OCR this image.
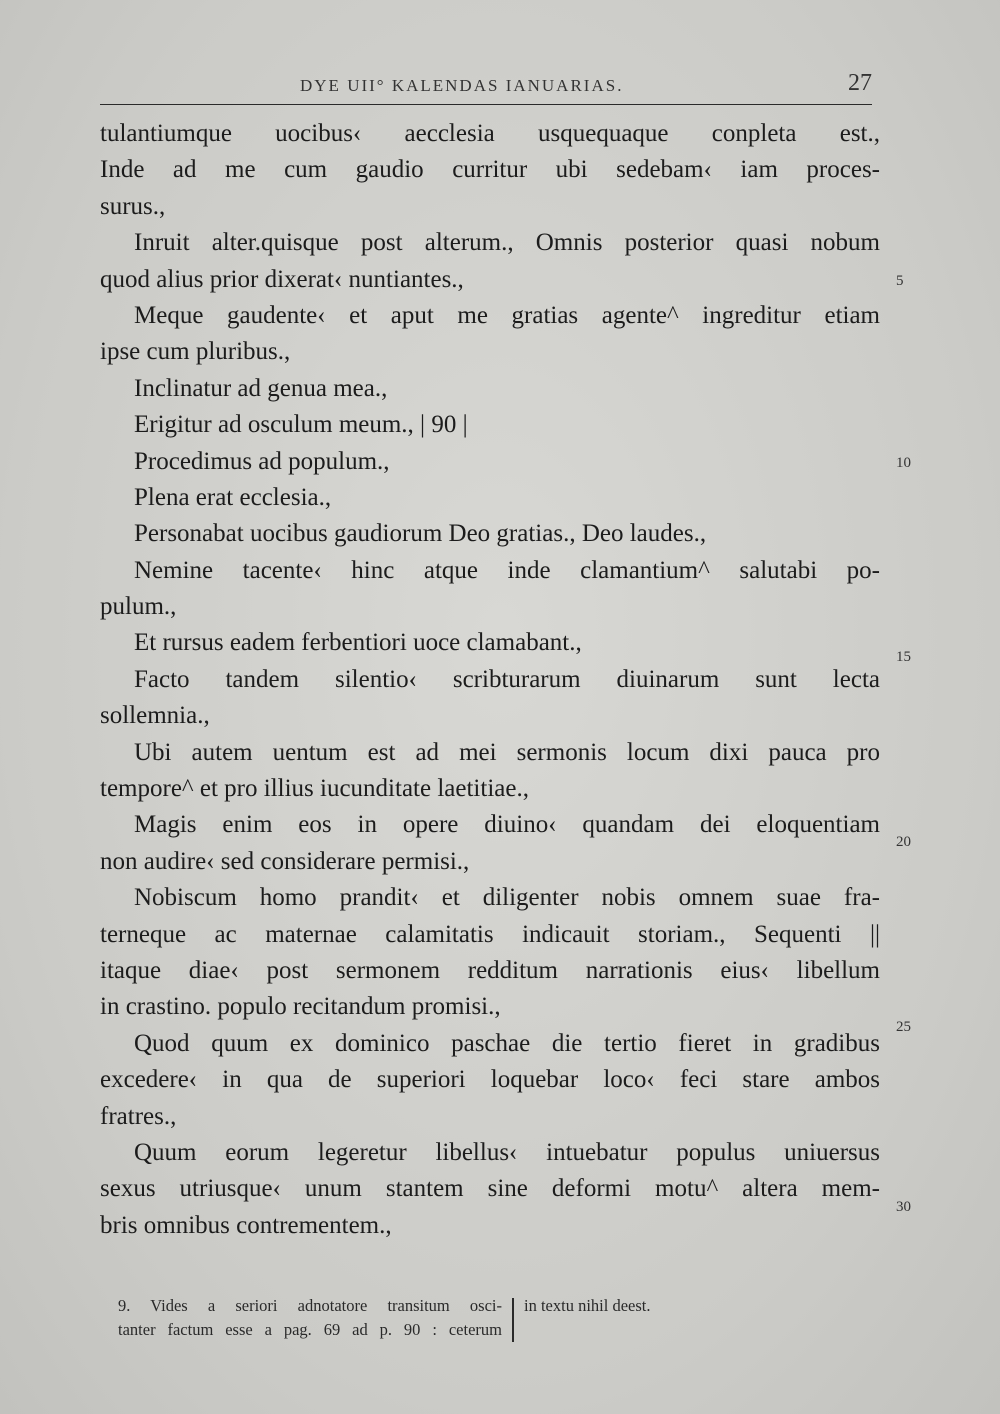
DYE UII° KALENDAS IANUARIAS.	27
tulantiumque uocibus‹ aecclesia usquequaque conpleta est.,
Inde ad me cum gaudio curritur ubi sedebam‹ iam proces-
surus.,
Inruit alter.quisque post alterum., Omnis posterior quasi nobum
quod alius prior dixerat‹ nuntiantes.,
Meque gaudente‹ et aput me gratias agente^ ingreditur etiam
ipse cum pluribus.,
Inclinatur ad genua mea.,
Erigitur ad osculum meum., | 90 |
Procedimus ad populum.,
Plena erat ecclesia.,
Personabat uocibus gaudiorum Deo gratias., Deo laudes.,
Nemine tacente‹ hinc atque inde clamantium^ salutabi po-
pulum.,
Et rursus eadem ferbentiori uoce clamabant.,
Facto tandem silentio‹ scribturarum diuinarum sunt lecta
sollemnia.,
Ubi autem uentum est ad mei sermonis locum dixi pauca pro
tempore^ et pro illius iucunditate laetitiae.,
Magis enim eos in opere diuino‹ quandam dei eloquentiam
non audire‹ sed considerare permisi.,
Nobiscum homo prandit‹ et diligenter nobis omnem suae fra-
terneque ac maternae calamitatis indicauit storiam., Sequenti ||
itaque diae‹ post sermonem redditum narrationis eius‹ libellum
in crastino. populo recitandum promisi.,
Quod quum ex dominico paschae die tertio fieret in gradibus
excedere‹ in qua de superiori loquebar loco‹ feci stare ambos
fratres.,
Quum eorum legeretur libellus‹ intuebatur populus uniuersus
sexus utriusque‹ unum stantem sine deformi motu^ altera mem-
bris omnibus contrementem.,
5
10
15
20
25
30
9. Vides a seriori adnotatore transitum osci-
tanter factum esse a pag. 69 ad p. 90 : ceterum
in textu nihil deest.
